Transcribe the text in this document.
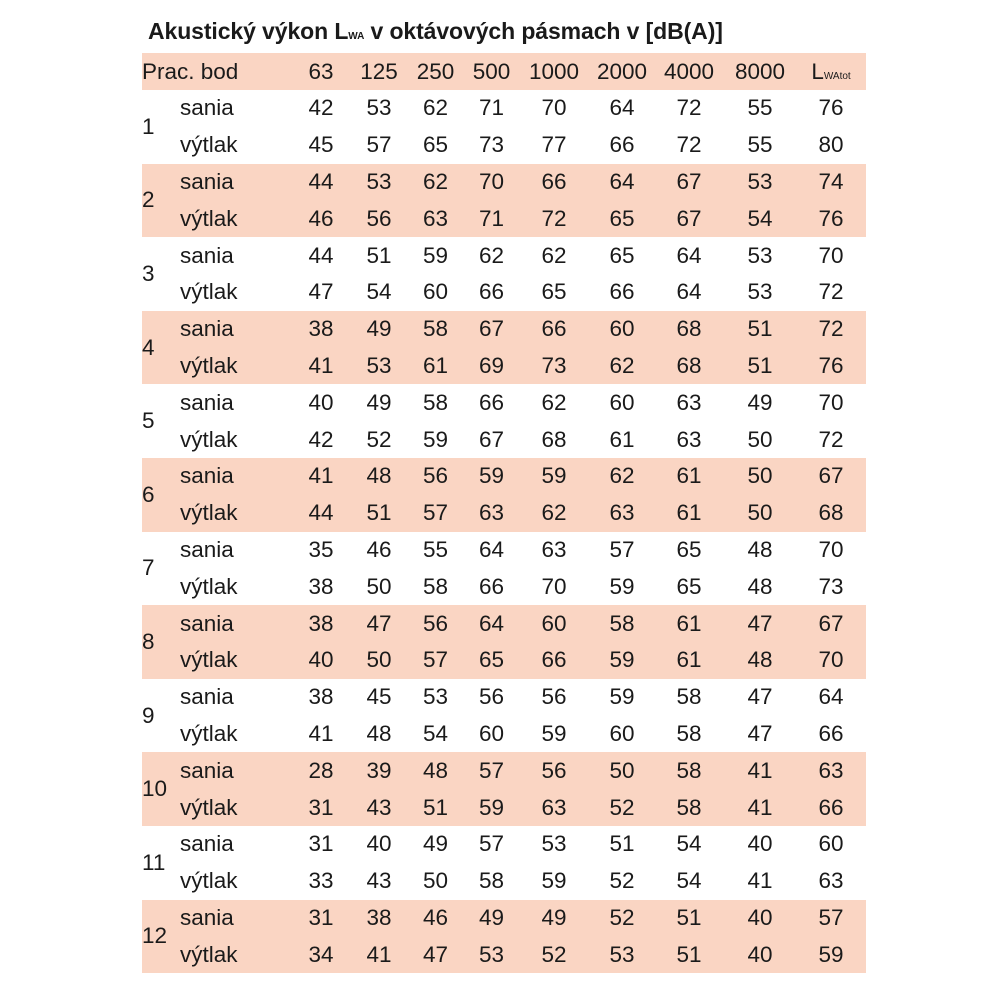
Akustický výkon LWA v oktávových pásmach v [dB(A)]
Prac. bod		63	125	250	500	1000	2000	4000	8000	LWAtot
1	sania	42	53	62	71	70	64	72	55	76
	výtlak	45	57	65	73	77	66	72	55	80
2	sania	44	53	62	70	66	64	67	53	74
	výtlak	46	56	63	71	72	65	67	54	76
3	sania	44	51	59	62	62	65	64	53	70
	výtlak	47	54	60	66	65	66	64	53	72
4	sania	38	49	58	67	66	60	68	51	72
	výtlak	41	53	61	69	73	62	68	51	76
5	sania	40	49	58	66	62	60	63	49	70
	výtlak	42	52	59	67	68	61	63	50	72
6	sania	41	48	56	59	59	62	61	50	67
	výtlak	44	51	57	63	62	63	61	50	68
7	sania	35	46	55	64	63	57	65	48	70
	výtlak	38	50	58	66	70	59	65	48	73
8	sania	38	47	56	64	60	58	61	47	67
	výtlak	40	50	57	65	66	59	61	48	70
9	sania	38	45	53	56	56	59	58	47	64
	výtlak	41	48	54	60	59	60	58	47	66
10	sania	28	39	48	57	56	50	58	41	63
	výtlak	31	43	51	59	63	52	58	41	66
11	sania	31	40	49	57	53	51	54	40	60
	výtlak	33	43	50	58	59	52	54	41	63
12	sania	31	38	46	49	49	52	51	40	57
	výtlak	34	41	47	53	52	53	51	40	59
